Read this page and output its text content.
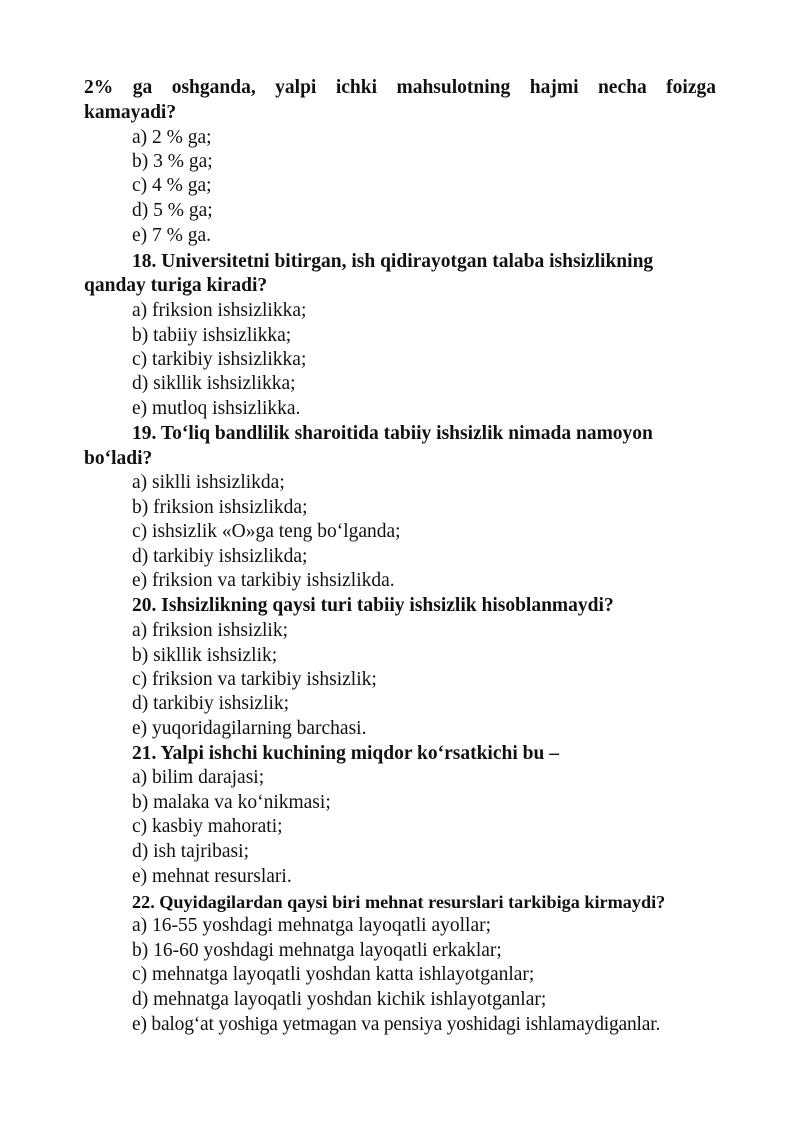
2% ga oshganda, yalpi ichki mahsulotning hajmi necha foizga
kamayadi?
a) 2 % ga;
b) 3 % ga;
c) 4 % ga;
d) 5 % ga;
e) 7 % ga.
18. Universitetni bitirgan, ish qidirayotgan talaba ishsizlikning
qanday turiga kiradi?
a) friksion ishsizlikka;
b) tabiiy ishsizlikka;
c) tarkibiy ishsizlikka;
d) sikllik ishsizlikka;
e) mutloq ishsizlikka.
19. To‘liq bandlilik sharoitida tabiiy ishsizlik nimada namoyon
bo‘ladi?
a) siklli ishsizlikda;
b) friksion ishsizlikda;
c) ishsizlik «O»ga teng bo‘lganda;
d) tarkibiy ishsizlikda;
e) friksion va tarkibiy ishsizlikda.
20. Ishsizlikning qaysi turi tabiiy ishsizlik hisoblanmaydi?
a) friksion ishsizlik;
b) sikllik ishsizlik;
c) friksion va tarkibiy ishsizlik;
d) tarkibiy ishsizlik;
e) yuqoridagilarning barchasi.
21. Yalpi ishchi kuchining miqdor ko‘rsatkichi bu –
a) bilim darajasi;
b) malaka va ko‘nikmasi;
c) kasbiy mahorati;
d) ish tajribasi;
e) mehnat resurslari.
22. Quyidagilardan qaysi biri mehnat resurslari tarkibiga kirmaydi?
a) 16-55 yoshdagi mehnatga layoqatli ayollar;
b) 16-60 yoshdagi mehnatga layoqatli erkaklar;
c) mehnatga layoqatli yoshdan katta ishlayotganlar;
d) mehnatga layoqatli yoshdan kichik ishlayotganlar;
e) balog‘at yoshiga yetmagan va pensiya yoshidagi ishlamaydiganlar.
